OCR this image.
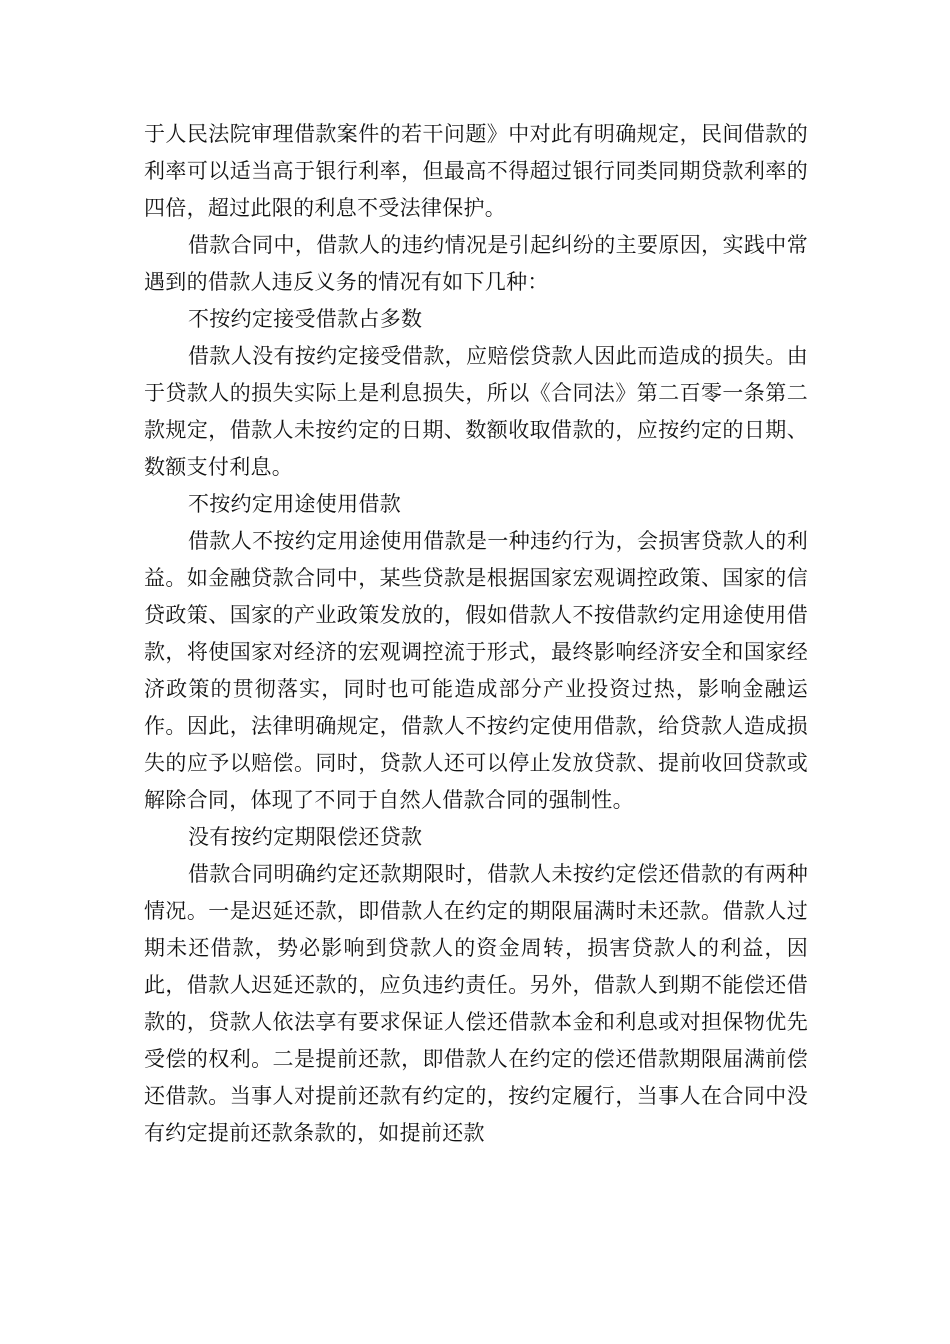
于人民法院审理借款案件的若干问题》中对此有明确规定，民间借款的利率可以适当高于银行利率，但最高不得超过银行同类同期贷款利率的四倍，超过此限的利息不受法律保护。

借款合同中，借款人的违约情况是引起纠纷的主要原因，实践中常遇到的借款人违反义务的情况有如下几种：

不按约定接受借款占多数

借款人没有按约定接受借款，应赔偿贷款人因此而造成的损失。由于贷款人的损失实际上是利息损失，所以《合同法》第二百零一条第二款规定，借款人未按约定的日期、数额收取借款的，应按约定的日期、数额支付利息。

不按约定用途使用借款

借款人不按约定用途使用借款是一种违约行为，会损害贷款人的利益。如金融贷款合同中，某些贷款是根据国家宏观调控政策、国家的信贷政策、国家的产业政策发放的，假如借款人不按借款约定用途使用借款，将使国家对经济的宏观调控流于形式，最终影响经济安全和国家经济政策的贯彻落实，同时也可能造成部分产业投资过热，影响金融运作。因此，法律明确规定，借款人不按约定使用借款，给贷款人造成损失的应予以赔偿。同时，贷款人还可以停止发放贷款、提前收回贷款或解除合同，体现了不同于自然人借款合同的强制性。

没有按约定期限偿还贷款

借款合同明确约定还款期限时，借款人未按约定偿还借款的有两种情况。一是迟延还款，即借款人在约定的期限届满时未还款。借款人过期未还借款，势必影响到贷款人的资金周转，损害贷款人的利益，因此，借款人迟延还款的，应负违约责任。另外，借款人到期不能偿还借款的，贷款人依法享有要求保证人偿还借款本金和利息或对担保物优先受偿的权利。二是提前还款，即借款人在约定的偿还借款期限届满前偿还借款。当事人对提前还款有约定的，按约定履行，当事人在合同中没有约定提前还款条款的，如提前还款
